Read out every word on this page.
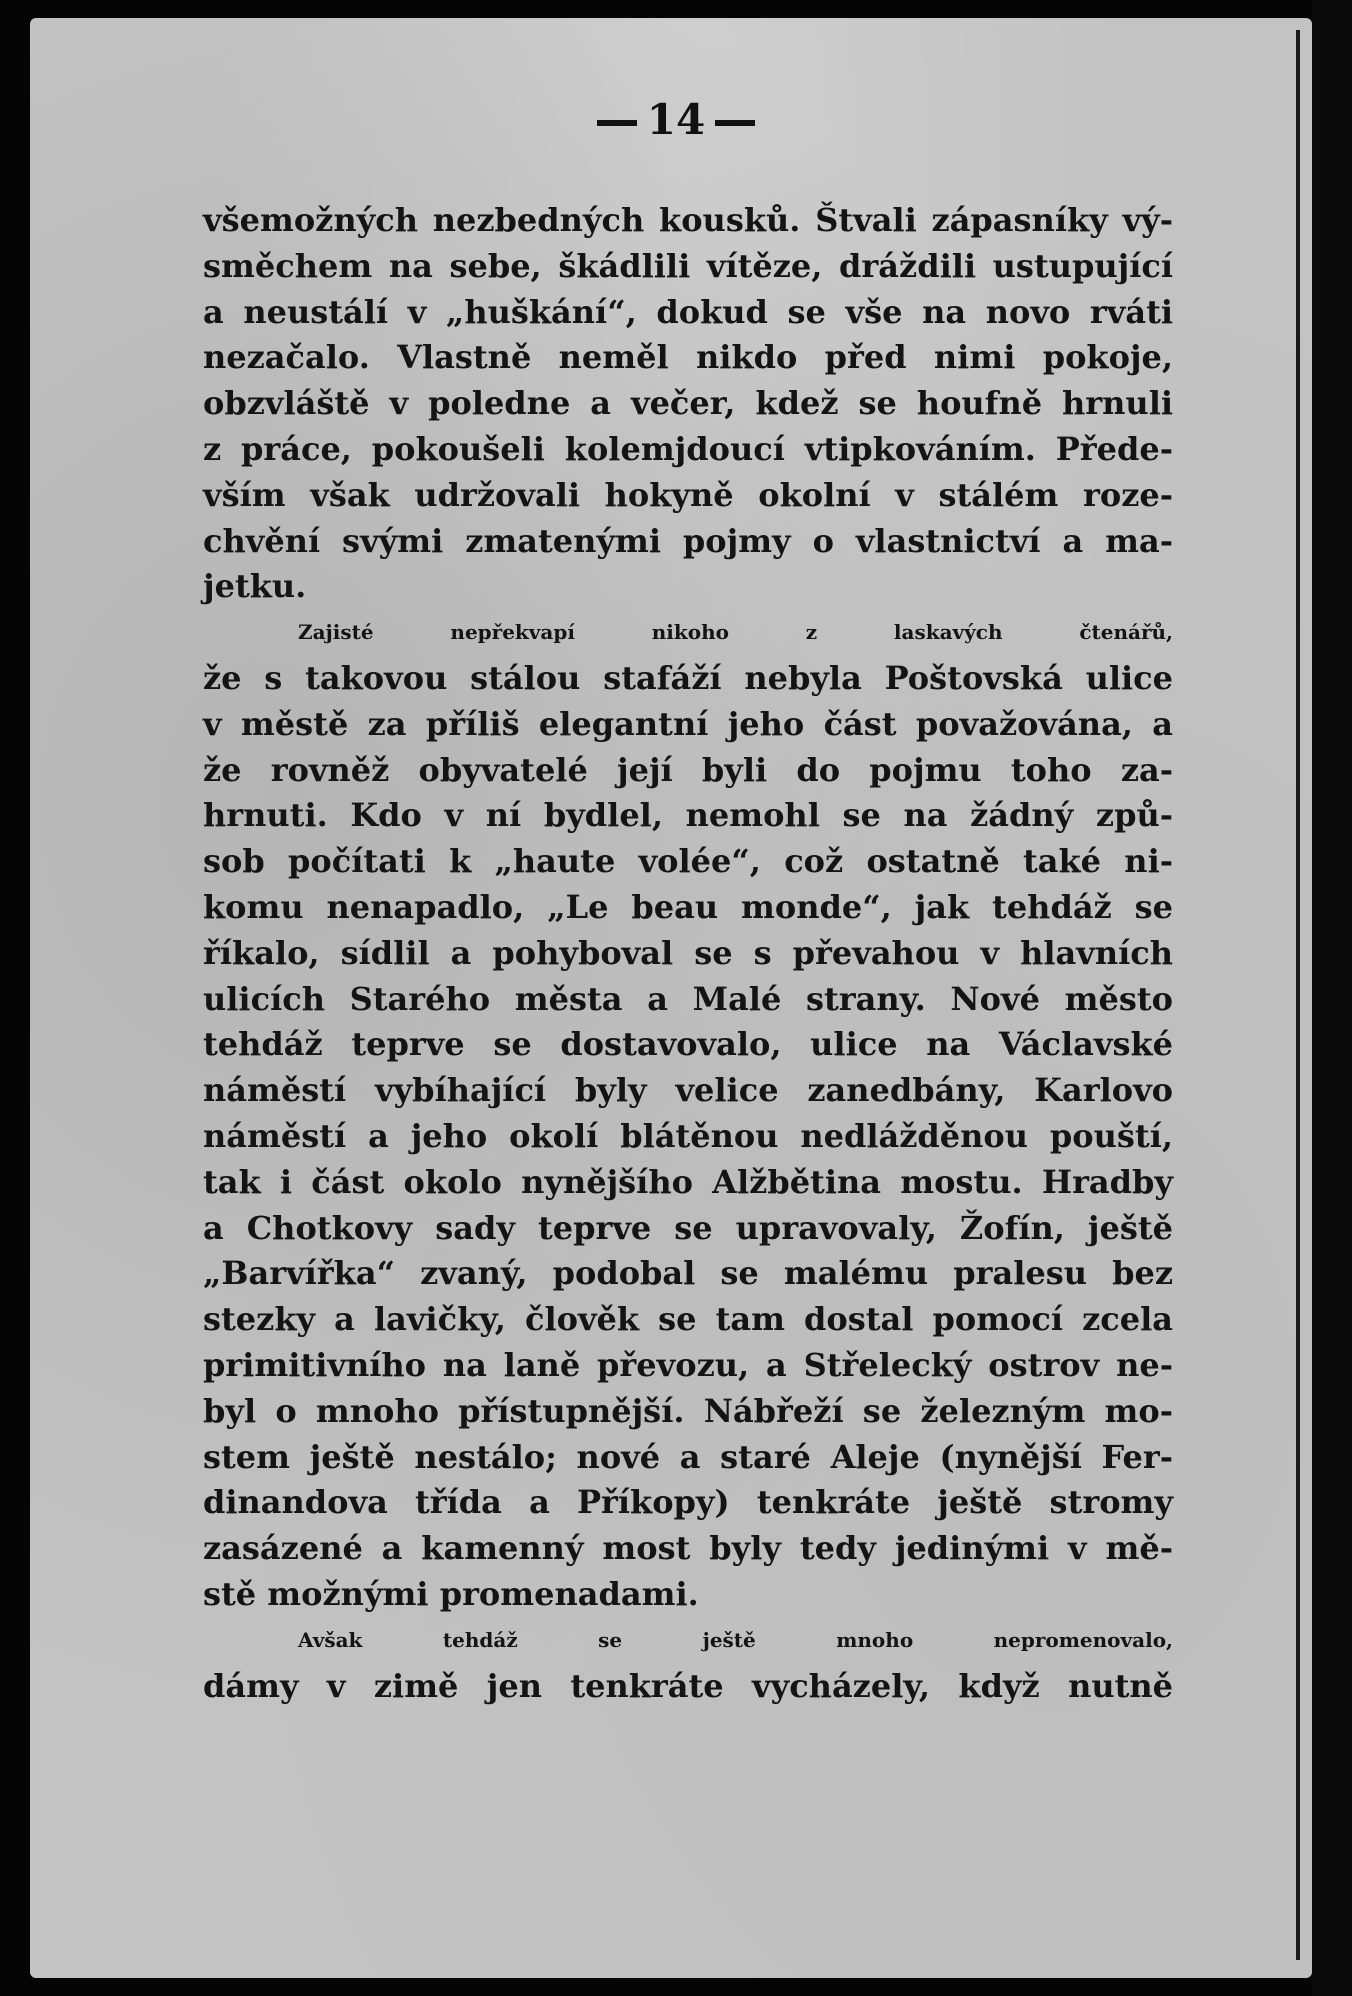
14
všemožných nezbedných kousků. Štvali zápasníky vý-
směchem na sebe, škádlili vítěze, dráždili ustupující
a neustálí v „huškání“, dokud se vše na novo rváti
nezačalo. Vlastně neměl nikdo před nimi pokoje,
obzvláště v poledne a večer, kdež se houfně hrnuli
z práce, pokoušeli kolemjdoucí vtipkováním. Přede-
vším však udržovali hokyně okolní v stálém roze-
chvění svými zmatenými pojmy o vlastnictví a ma-
jetku.
Zajisté nepřekvapí nikoho z laskavých čtenářů,
že s takovou stálou stafáží nebyla Poštovská ulice
v městě za příliš elegantní jeho část považována, a
že rovněž obyvatelé její byli do pojmu toho za-
hrnuti. Kdo v ní bydlel, nemohl se na žádný způ-
sob počítati k „haute volée“, což ostatně také ni-
komu nenapadlo, „Le beau monde“, jak tehdáž se
říkalo, sídlil a pohyboval se s převahou v hlavních
ulicích Starého města a Malé strany. Nové město
tehdáž teprve se dostavovalo, ulice na Václavské
náměstí vybíhající byly velice zanedbány, Karlovo
náměstí a jeho okolí blátěnou nedlážděnou pouští,
tak i část okolo nynějšího Alžbětina mostu. Hradby
a Chotkovy sady teprve se upravovaly, Žofín, ještě
„Barvířka“ zvaný, podobal se malému pralesu bez
stezky a lavičky, člověk se tam dostal pomocí zcela
primitivního na laně převozu, a Střelecký ostrov ne-
byl o mnoho přístupnější. Nábřeží se železným mo-
stem ještě nestálo; nové a staré Aleje (nynější Fer-
dinandova třída a Příkopy) tenkráte ještě stromy
zasázené a kamenný most byly tedy jedinými v mě-
stě možnými promenadami.
Avšak tehdáž se ještě mnoho nepromenovalo,
dámy v zimě jen tenkráte vycházely, když nutně
